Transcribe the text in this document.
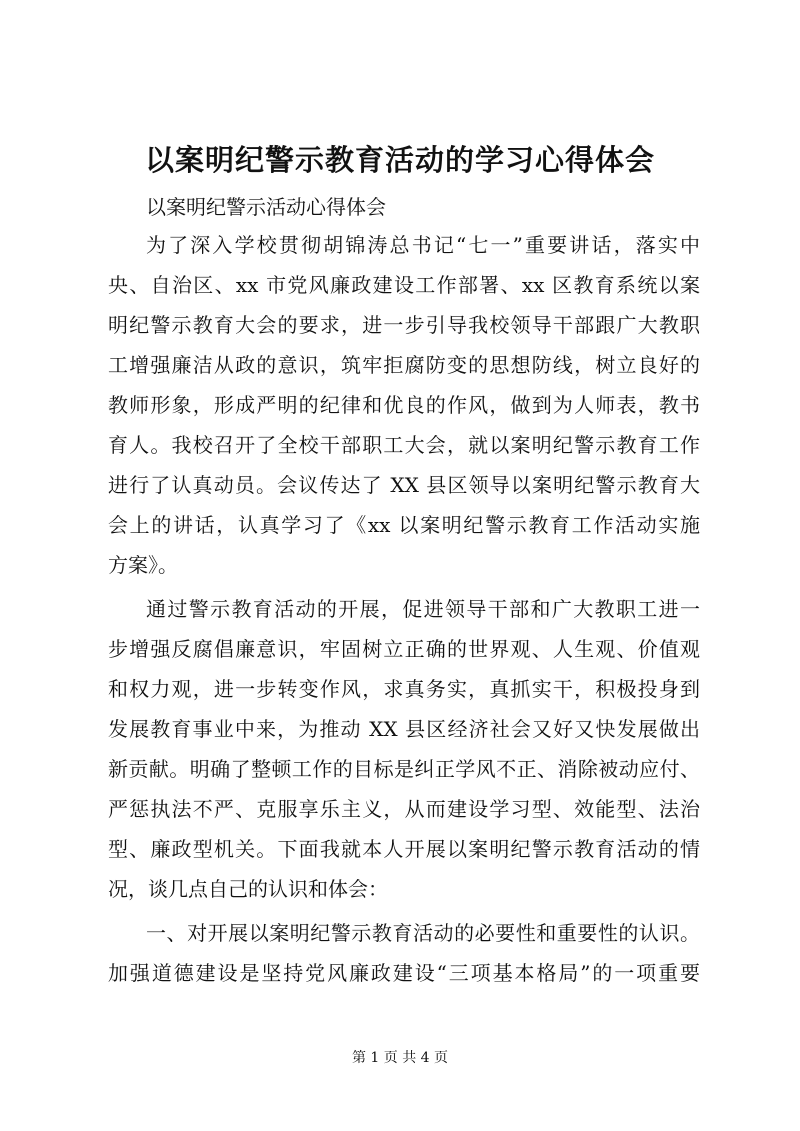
以案明纪警示教育活动的学习心得体会

以案明纪警示活动心得体会

为了深入学校贯彻胡锦涛总书记“七一”重要讲话，落实中

央、自治区、xx 市党风廉政建设工作部署、xx 区教育系统以案

明纪警示教育大会的要求，进一步引导我校领导干部跟广大教职

工增强廉洁从政的意识，筑牢拒腐防变的思想防线，树立良好的

教师形象，形成严明的纪律和优良的作风，做到为人师表，教书

育人。我校召开了全校干部职工大会，就以案明纪警示教育工作

进行了认真动员。会议传达了 XX 县区领导以案明纪警示教育大

会上的讲话，认真学习了《xx 以案明纪警示教育工作活动实施

方案》。

通过警示教育活动的开展，促进领导干部和广大教职工进一

步增强反腐倡廉意识，牢固树立正确的世界观、人生观、价值观

和权力观，进一步转变作风，求真务实，真抓实干，积极投身到

发展教育事业中来，为推动 XX 县区经济社会又好又快发展做出

新贡献。明确了整顿工作的目标是纠正学风不正、消除被动应付、

严惩执法不严、克服享乐主义，从而建设学习型、效能型、法治

型、廉政型机关。下面我就本人开展以案明纪警示教育活动的情

况，谈几点自己的认识和体会：

一、对开展以案明纪警示教育活动的必要性和重要性的认识。

加强道德建设是坚持党风廉政建设“三项基本格局”的一项重要

第 1 页 共 4 页
